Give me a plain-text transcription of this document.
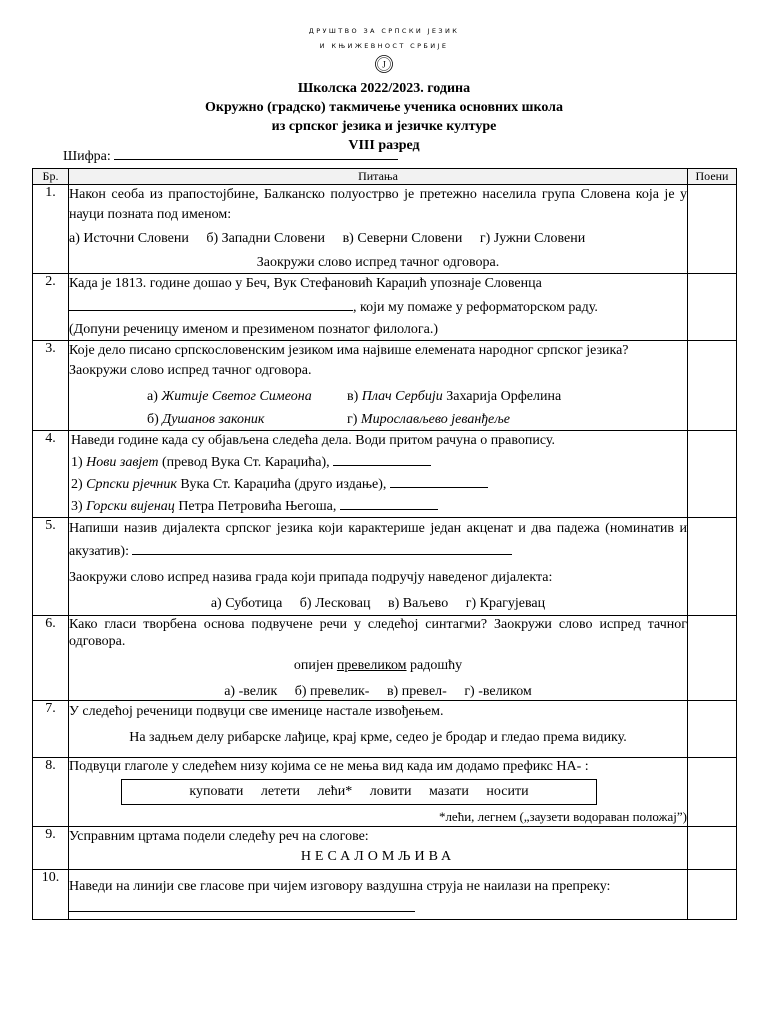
ДРУШТВО ЗА СРПСКИ ЈЕЗИК
И КЊИЖЕВНОСТ СРБИЈЕ
Ј
Школска 2022/2023. година
Окружно (градско) такмичење ученика основних школа
из српског језика и језичке културе
VIII разред
Шифра:
Бр.	Питања	Поени
1.	Након сеоба из прапостојбине, Балканско полуострво је претежно населила група Словена која је у науци позната под именом:
а) Источни Словени б) Западни Словени в) Северни Словени г) Јужни Словени
Заокружи слово испред тачног одговора.	

2.	Када је 1813. године дошао у Беч, Вук Стефановић Караџић упознаје Словенца
, који му помаже у реформаторском раду.
(Допуни реченицу именом и презименом познатог филолога.)	

3.	Које дело писано српскословенским језиком има највише елемената народног српског језика? Заокружи слово испред тачног одговора.
а) Житије Светог Симеона в) Плач Сербији Захарија Орфелина
б) Душанов законик г) Мирослављево јеванђеље	

4.	Наведи године када су објављена следећа дела. Води притом рачуна о правопису.
1) Нови завјет (превод Вука Ст. Караџића),
2) Српски рјечник Вука Ст. Караџића (друго издање),
3) Горски вијенац Петра Петровића Његоша,	

5.	Напиши назив дијалекта српског језика који карактерише један акценат и два падежа (номинатив и акузатив):
Заокружи слово испред назива града који припада подручју наведеног дијалекта:
а) Суботица б) Лесковац в) Ваљево г) Крагујевац	

6.	Како гласи творбена основа подвучене речи у следећој синтагми? Заокружи слово испред тачног одговора.
опијен превеликом радошћу
а) -велик б) превелик- в) превел- г) -великом	

7.	У следећој реченици подвуци све именице настале извођењем.
На задњем делу рибарске лађице, крај крме, седео је бродар и гледао према видику.	

8.	Подвуци глаголе у следећем низу којима се не мења вид када им додамо префикс НА- :
куповати летети лећи* ловити мазати носити
*лећи, легнем („заузети водораван положај”)	

9.	Усправним цртама подели следећу реч на слогове:
НЕСАЛОМЉИВА	

10.	Наведи на линији све гласове при чијем изговору ваздушна струја не наилази на препреку:	
